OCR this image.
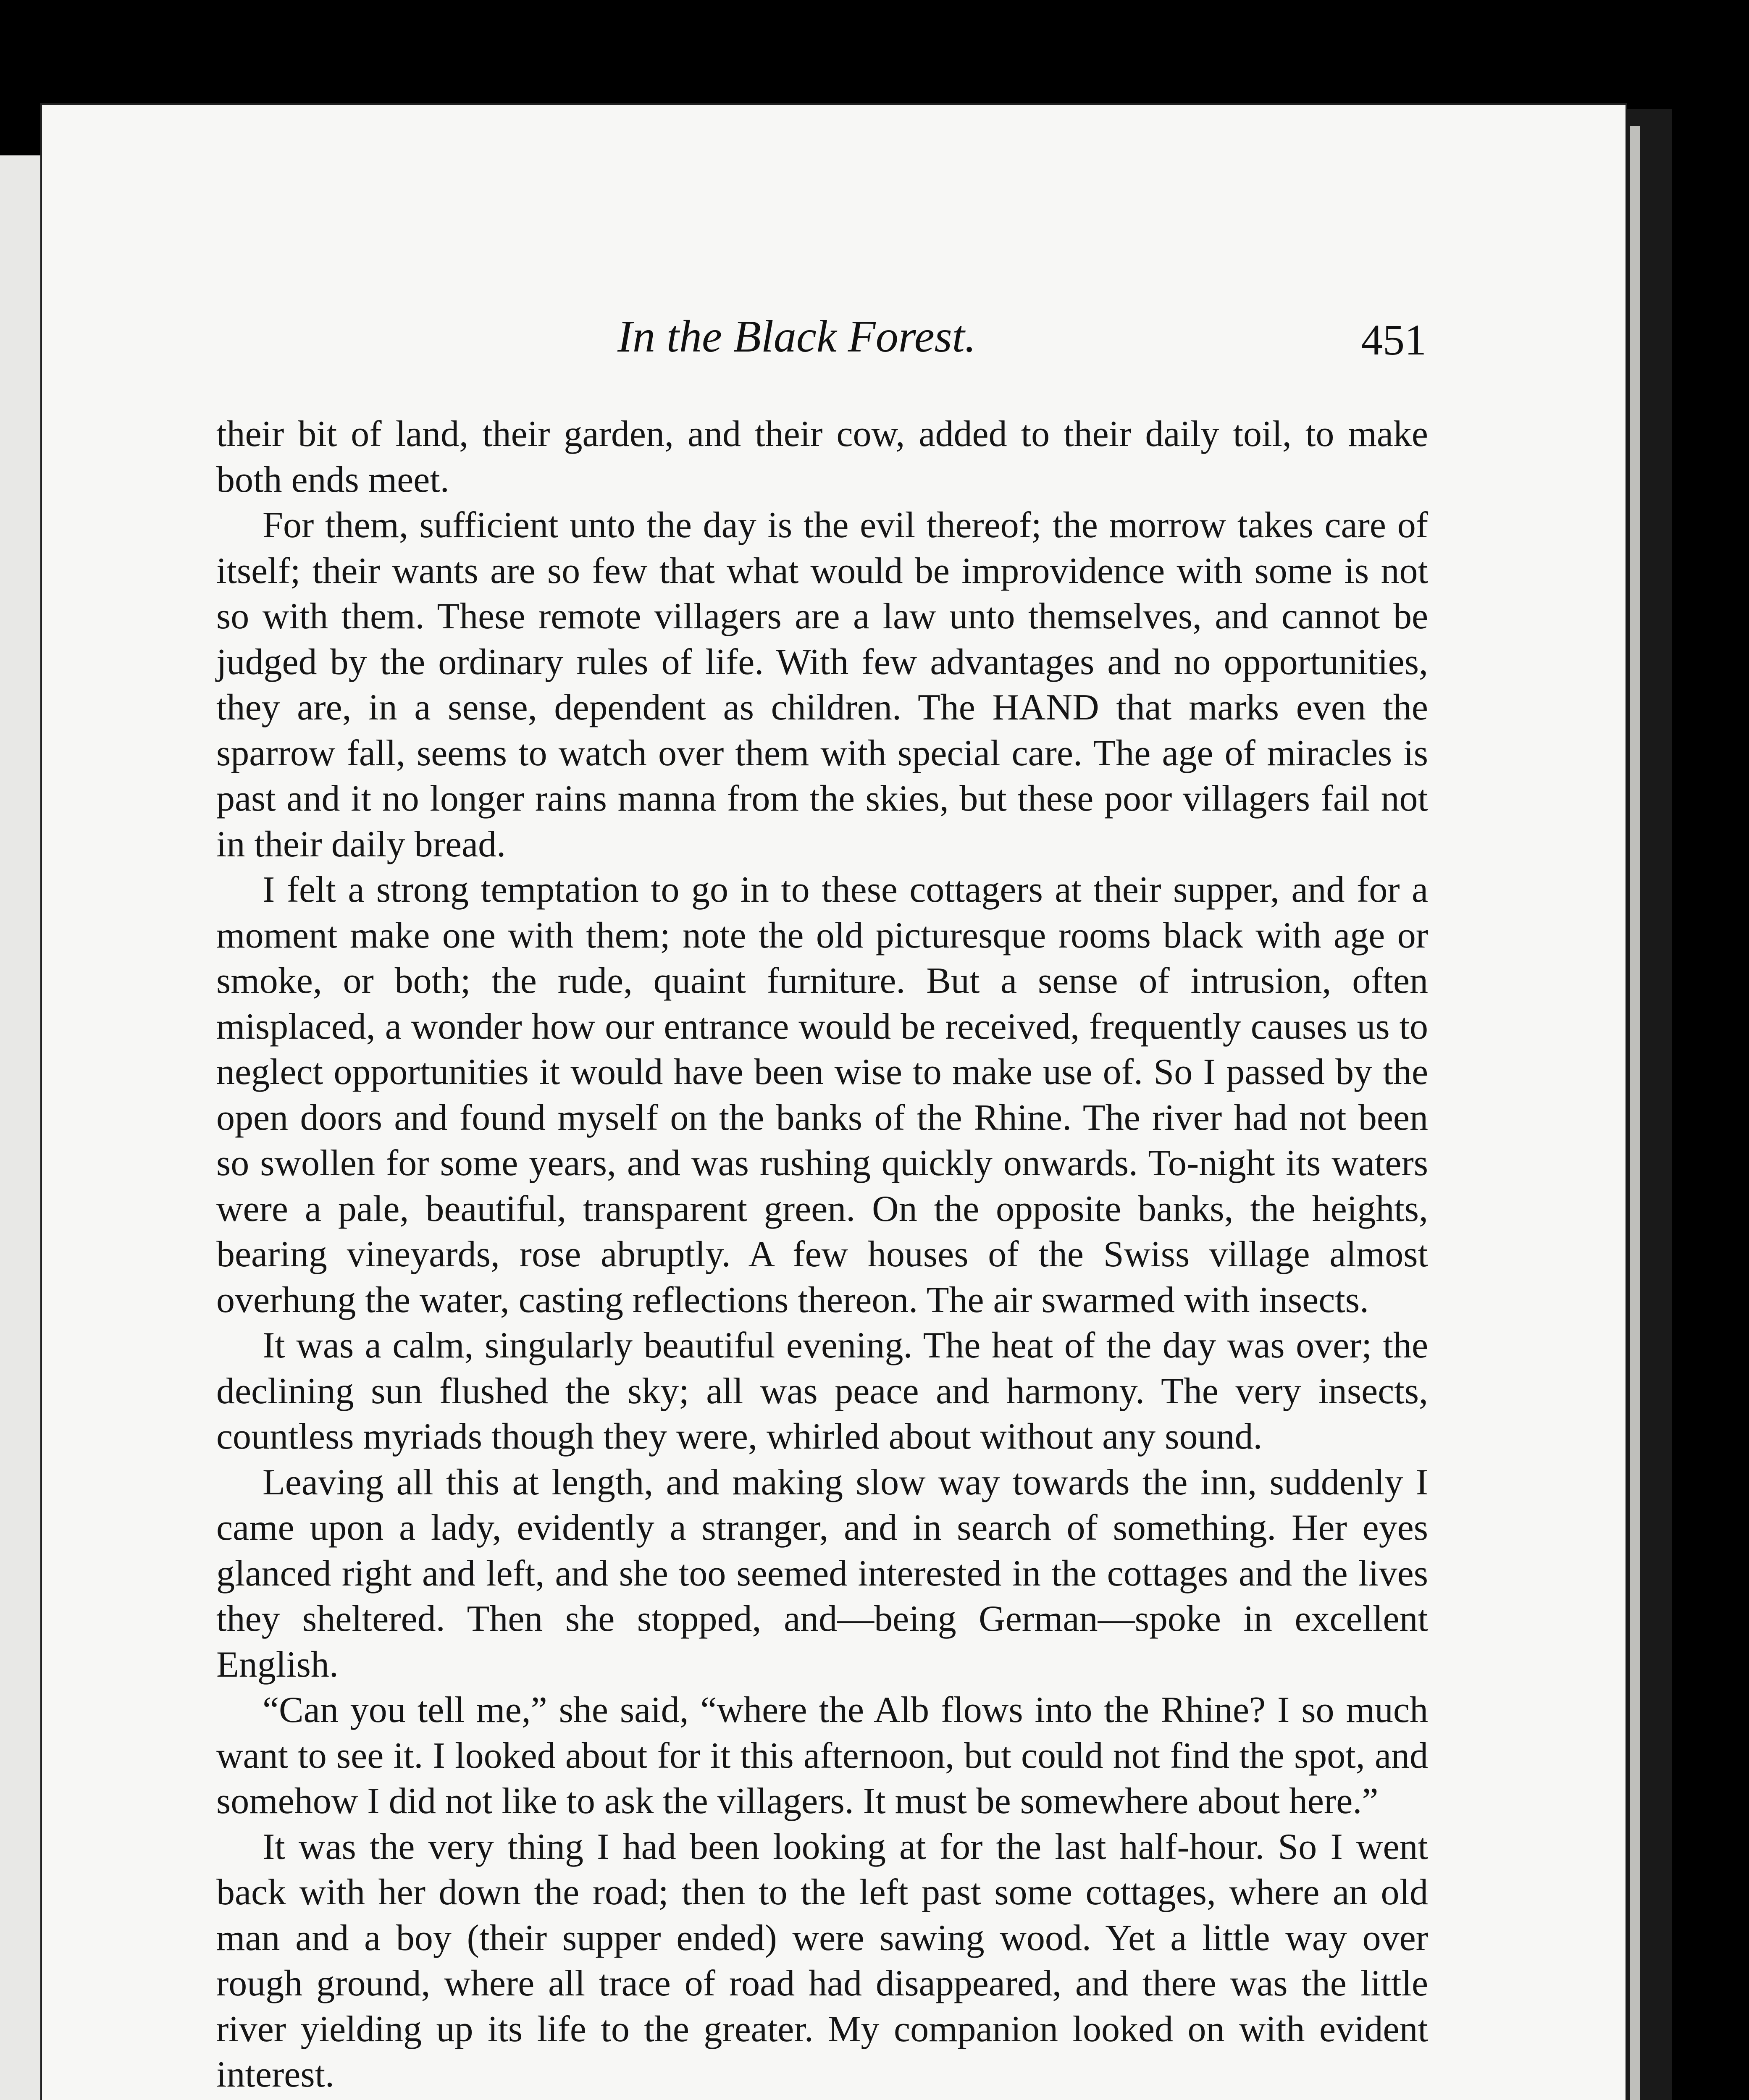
In the Black Forest.	451

their bit of land, their garden, and their cow, added to their daily toil, to make both ends meet.

For them, sufficient unto the day is the evil thereof; the morrow takes care of itself; their wants are so few that what would be improvidence with some is not so with them. These remote villagers are a law unto themselves, and cannot be judged by the ordinary rules of life. With few advantages and no opportunities, they are, in a sense, dependent as children. The HAND that marks even the sparrow fall, seems to watch over them with special care. The age of miracles is past and it no longer rains manna from the skies, but these poor villagers fail not in their daily bread.

I felt a strong temptation to go in to these cottagers at their supper, and for a moment make one with them; note the old picturesque rooms black with age or smoke, or both; the rude, quaint furniture. But a sense of intrusion, often misplaced, a wonder how our entrance would be received, frequently causes us to neglect opportunities it would have been wise to make use of. So I passed by the open doors and found myself on the banks of the Rhine. The river had not been so swollen for some years, and was rushing quickly onwards. To-night its waters were a pale, beautiful, transparent green. On the opposite banks, the heights, bearing vineyards, rose abruptly. A few houses of the Swiss village almost overhung the water, casting reflections thereon. The air swarmed with insects.

It was a calm, singularly beautiful evening. The heat of the day was over; the declining sun flushed the sky; all was peace and harmony. The very insects, countless myriads though they were, whirled about without any sound.

Leaving all this at length, and making slow way towards the inn, suddenly I came upon a lady, evidently a stranger, and in search of something. Her eyes glanced right and left, and she too seemed interested in the cottages and the lives they sheltered. Then she stopped, and—being German—spoke in excellent English.

“Can you tell me,” she said, “where the Alb flows into the Rhine? I so much want to see it. I looked about for it this afternoon, but could not find the spot, and somehow I did not like to ask the villagers. It must be somewhere about here.”

It was the very thing I had been looking at for the last half-hour. So I went back with her down the road; then to the left past some cottages, where an old man and a boy (their supper ended) were sawing wood. Yet a little way over rough ground, where all trace of road had disappeared, and there was the little river yielding up its life to the greater. My companion looked on with evident interest.
